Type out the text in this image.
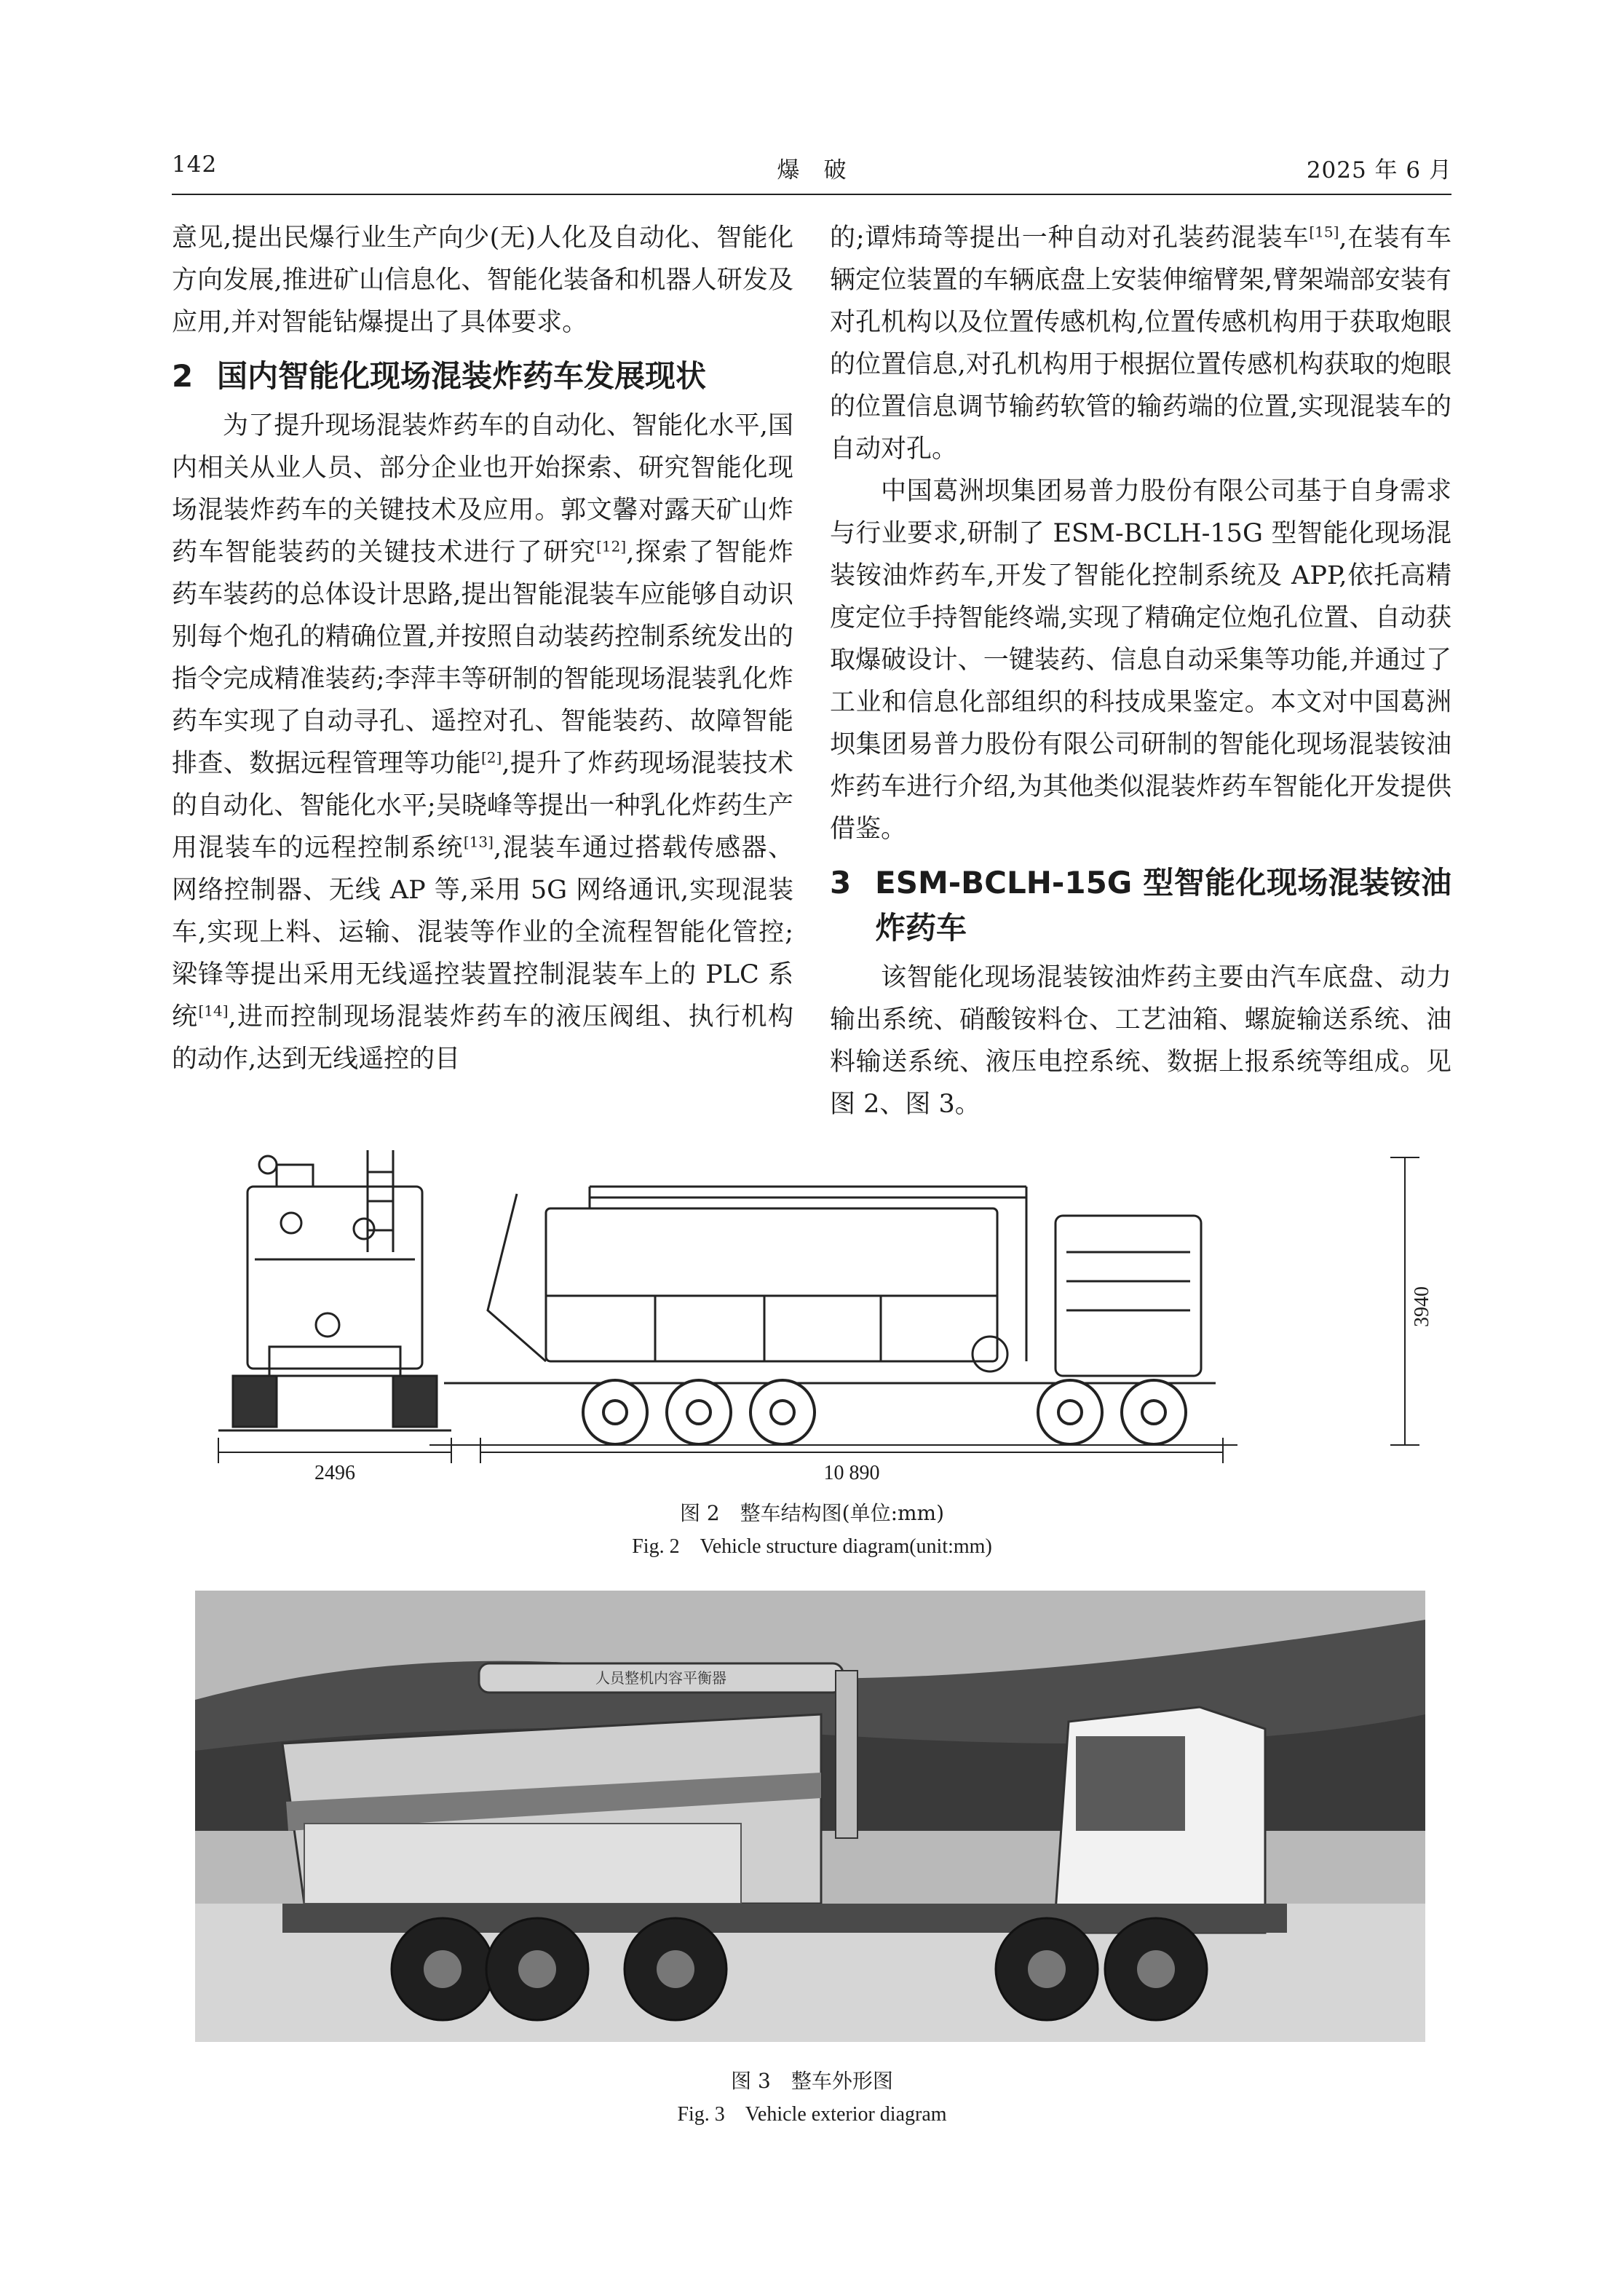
142	爆　破	2025 年 6 月

意见,提出民爆行业生产向少(无)人化及自动化、智能化方向发展,推进矿山信息化、智能化装备和机器人研发及应用,并对智能钻爆提出了具体要求。

2 国内智能化现场混装炸药车发展现状

为了提升现场混装炸药车的自动化、智能化水平,国内相关从业人员、部分企业也开始探索、研究智能化现场混装炸药车的关键技术及应用。郭文馨对露天矿山炸药车智能装药的关键技术进行了研究[12],探索了智能炸药车装药的总体设计思路,提出智能混装车应能够自动识别每个炮孔的精确位置,并按照自动装药控制系统发出的指令完成精准装药;李萍丰等研制的智能现场混装乳化炸药车实现了自动寻孔、遥控对孔、智能装药、故障智能排查、数据远程管理等功能[2],提升了炸药现场混装技术的自动化、智能化水平;吴晓峰等提出一种乳化炸药生产用混装车的远程控制系统[13],混装车通过搭载传感器、网络控制器、无线 AP 等,采用 5G 网络通讯,实现混装车,实现上料、运输、混装等作业的全流程智能化管控;梁锋等提出采用无线遥控装置控制混装车上的 PLC 系统[14],进而控制现场混装炸药车的液压阀组、执行机构的动作,达到无线遥控的目

的;谭炜琦等提出一种自动对孔装药混装车[15],在装有车辆定位装置的车辆底盘上安装伸缩臂架,臂架端部安装有对孔机构以及位置传感机构,位置传感机构用于获取炮眼的位置信息,对孔机构用于根据位置传感机构获取的炮眼的位置信息调节输药软管的输药端的位置,实现混装车的自动对孔。

中国葛洲坝集团易普力股份有限公司基于自身需求与行业要求,研制了 ESM-BCLH-15G 型智能化现场混装铵油炸药车,开发了智能化控制系统及 APP,依托高精度定位手持智能终端,实现了精确定位炮孔位置、自动获取爆破设计、一键装药、信息自动采集等功能,并通过了工业和信息化部组织的科技成果鉴定。本文对中国葛洲坝集团易普力股份有限公司研制的智能化现场混装铵油炸药车进行介绍,为其他类似混装炸药车智能化开发提供借鉴。

3 ESM-BCLH-15G 型智能化现场混装铵油炸药车

该智能化现场混装铵油炸药主要由汽车底盘、动力输出系统、硝酸铵料仓、工艺油箱、螺旋输送系统、油料输送系统、液压电控系统、数据上报系统等组成。见图 2、图 3。

2496	10 890
3940
图 2　整车结构图(单位:mm)
Fig. 2　Vehicle structure diagram(unit:mm)
人员整机内容平衡器
图 3　整车外形图
Fig. 3　Vehicle exterior diagram
